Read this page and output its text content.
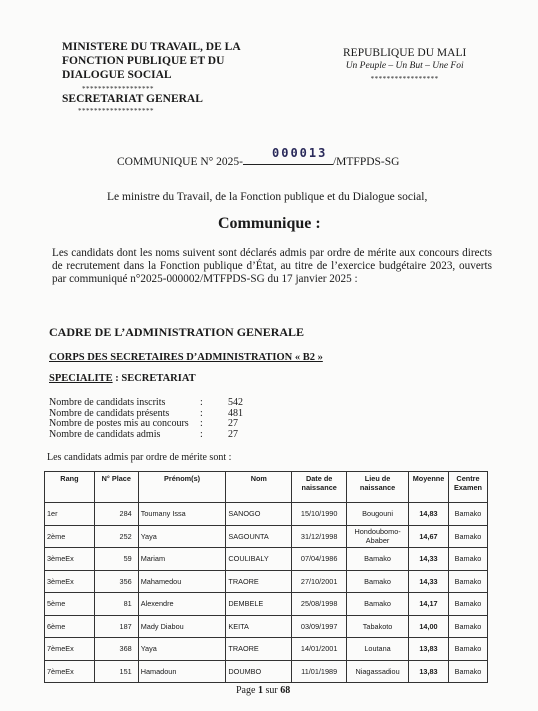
MINISTERE DU TRAVAIL, DE LA
FONCTION PUBLIQUE ET DU
DIALOGUE SOCIAL
******************
REPUBLIQUE DU MALI
Un Peuple – Un But – Une Foi
*****************
SECRETARIAT GENERAL
*******************
COMMUNIQUE N° 2025-	/MTFPDS-SG
000013
Le ministre du Travail, de la Fonction publique et du Dialogue social,
Communique :
Les candidats dont les noms suivent sont déclarés admis par ordre de mérite aux concours directs de recrutement dans la Fonction publique d’État, au titre de l’exercice budgétaire 2023, ouverts par communiqué n°2025-000002/MTFPDS-SG du 17 janvier 2025 :
CADRE DE L’ADMINISTRATION GENERALE
CORPS DES SECRETAIRES D’ADMINISTRATION « B2 »
SPECIALITE : SECRETARIAT
Nombre de candidats inscrits	:	542
Nombre de candidats présents	:	481
Nombre de postes mis au concours	:	27
Nombre de candidats admis	:	27
Les candidats admis par ordre de mérite sont :
Rang	N° Place	Prénom(s)	Nom	Date de naissance	Lieu de naissance	Moyenne	Centre Examen
1er	284	Toumany Issa	SANOGO	15/10/1990	Bougouni	14,83	Bamako
2ème	252	Yaya	SAGOUNTA	31/12/1998	Hondoubomo-Ababer	14,67	Bamako
3èmeEx	59	Mariam	COULIBALY	07/04/1986	Bamako	14,33	Bamako
3èmeEx	356	Mahamedou	TRAORE	27/10/2001	Bamako	14,33	Bamako
5ème	81	Alexendre	DEMBELE	25/08/1998	Bamako	14,17	Bamako
6ème	187	Mady Diabou	KEITA	03/09/1997	Tabakoto	14,00	Bamako
7èmeEx	368	Yaya	TRAORE	14/01/2001	Loutana	13,83	Bamako
7èmeEx	151	Hamadoun	DOUMBO	11/01/1989	Niagassadiou	13,83	Bamako
Page 1 sur 68
